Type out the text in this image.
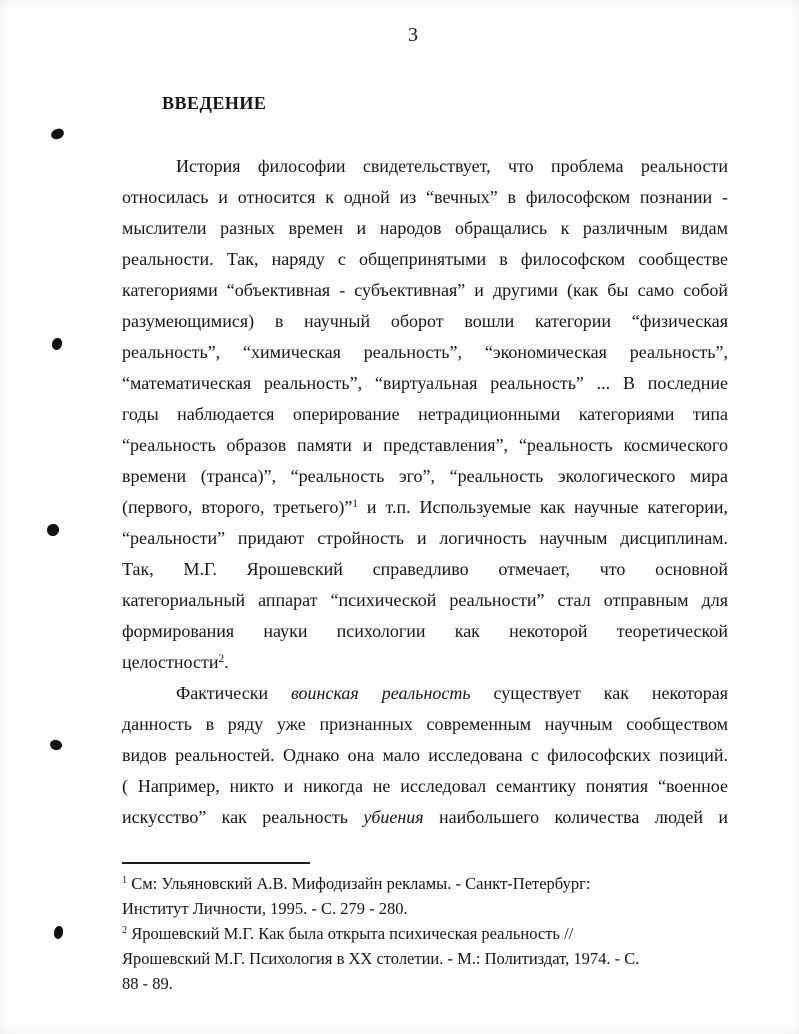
3
ВВЕДЕНИЕ
История философии свидетельствует, что проблема реальности
относилась и относится к одной из “вечных” в философском познании -
мыслители разных времен и народов обращались к различным видам
реальности. Так, наряду с общепринятыми в философском сообществе
категориями “объективная - субъективная” и другими (как бы само собой
разумеющимися) в научный оборот вошли категории “физическая
реальность”, “химическая реальность”, “экономическая реальность”,
“математическая реальность”, “виртуальная реальность” ... В последние
годы наблюдается оперирование нетрадиционными категориями типа
“реальность образов памяти и представления”, “реальность космического
времени (транса)”, “реальность эго”, “реальность экологического мира
(первого, второго, третьего)”$^1$ и т.п. Используемые как научные категории,
“реальности” придают стройность и логичность научным дисциплинам.
Так, М.Г. Ярошевский справедливо отмечает, что основной
категориальный аппарат “психической реальности” стал отправным для
формирования науки психологии как некоторой теоретической
целостности$^2$.
Фактически воинская реальность существует как некоторая
данность в ряду уже признанных современным научным сообществом
видов реальностей. Однако она мало исследована с философских позиций.
( Например, никто и никогда не исследовал семантику понятия “военное
искусство” как реальность убиения наибольшего количества людей и
$^1$ См: Ульяновский А.В. Мифодизайн рекламы. - Санкт-Петербург:
Институт Личности, 1995. - С. 279 - 280.
$^2$ Ярошевский М.Г. Как была открыта психическая реальность //
Ярошевский М.Г. Психология в XX столетии. - М.: Политиздат, 1974. - С.
88 - 89.
